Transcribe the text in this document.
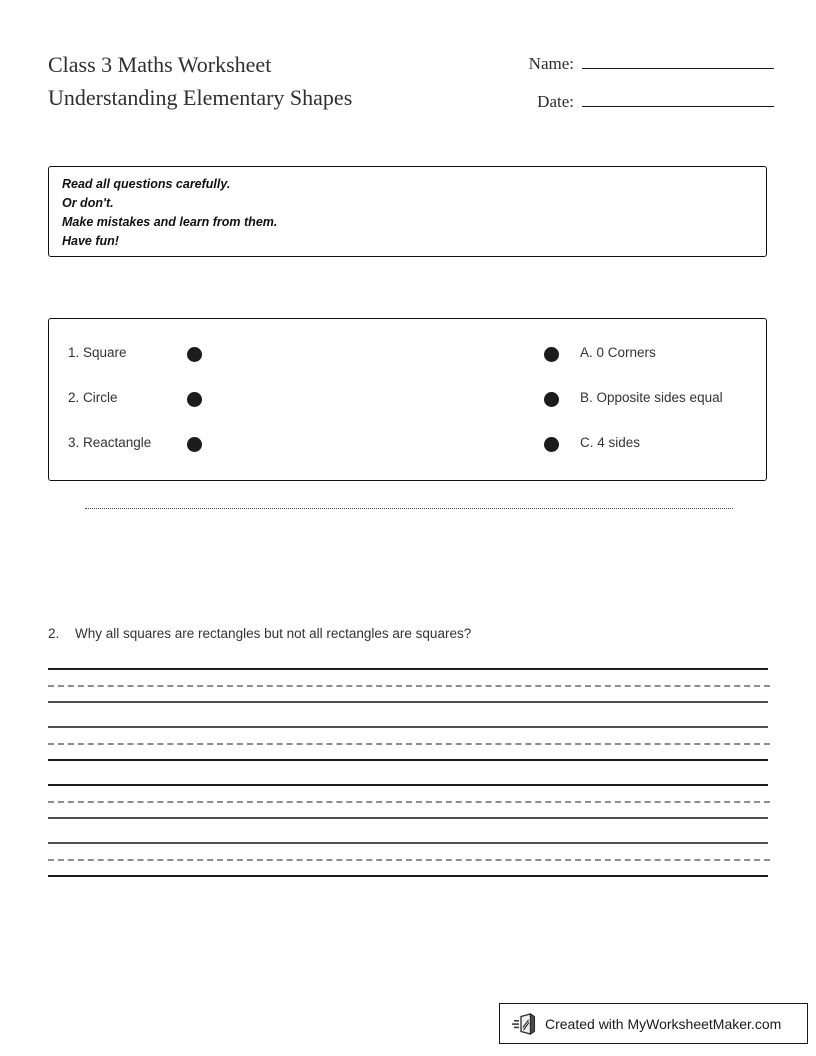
Class 3 Maths Worksheet
Understanding Elementary Shapes
Name:
Date:
Read all questions carefully.
Or don't.
Make mistakes and learn from them.
Have fun!
1. Square	A. 0 Corners
2. Circle	B. Opposite sides equal
3. Reactangle	C. 4 sides
2. Why all squares are rectangles but not all rectangles are squares?
Created with MyWorksheetMaker.com
